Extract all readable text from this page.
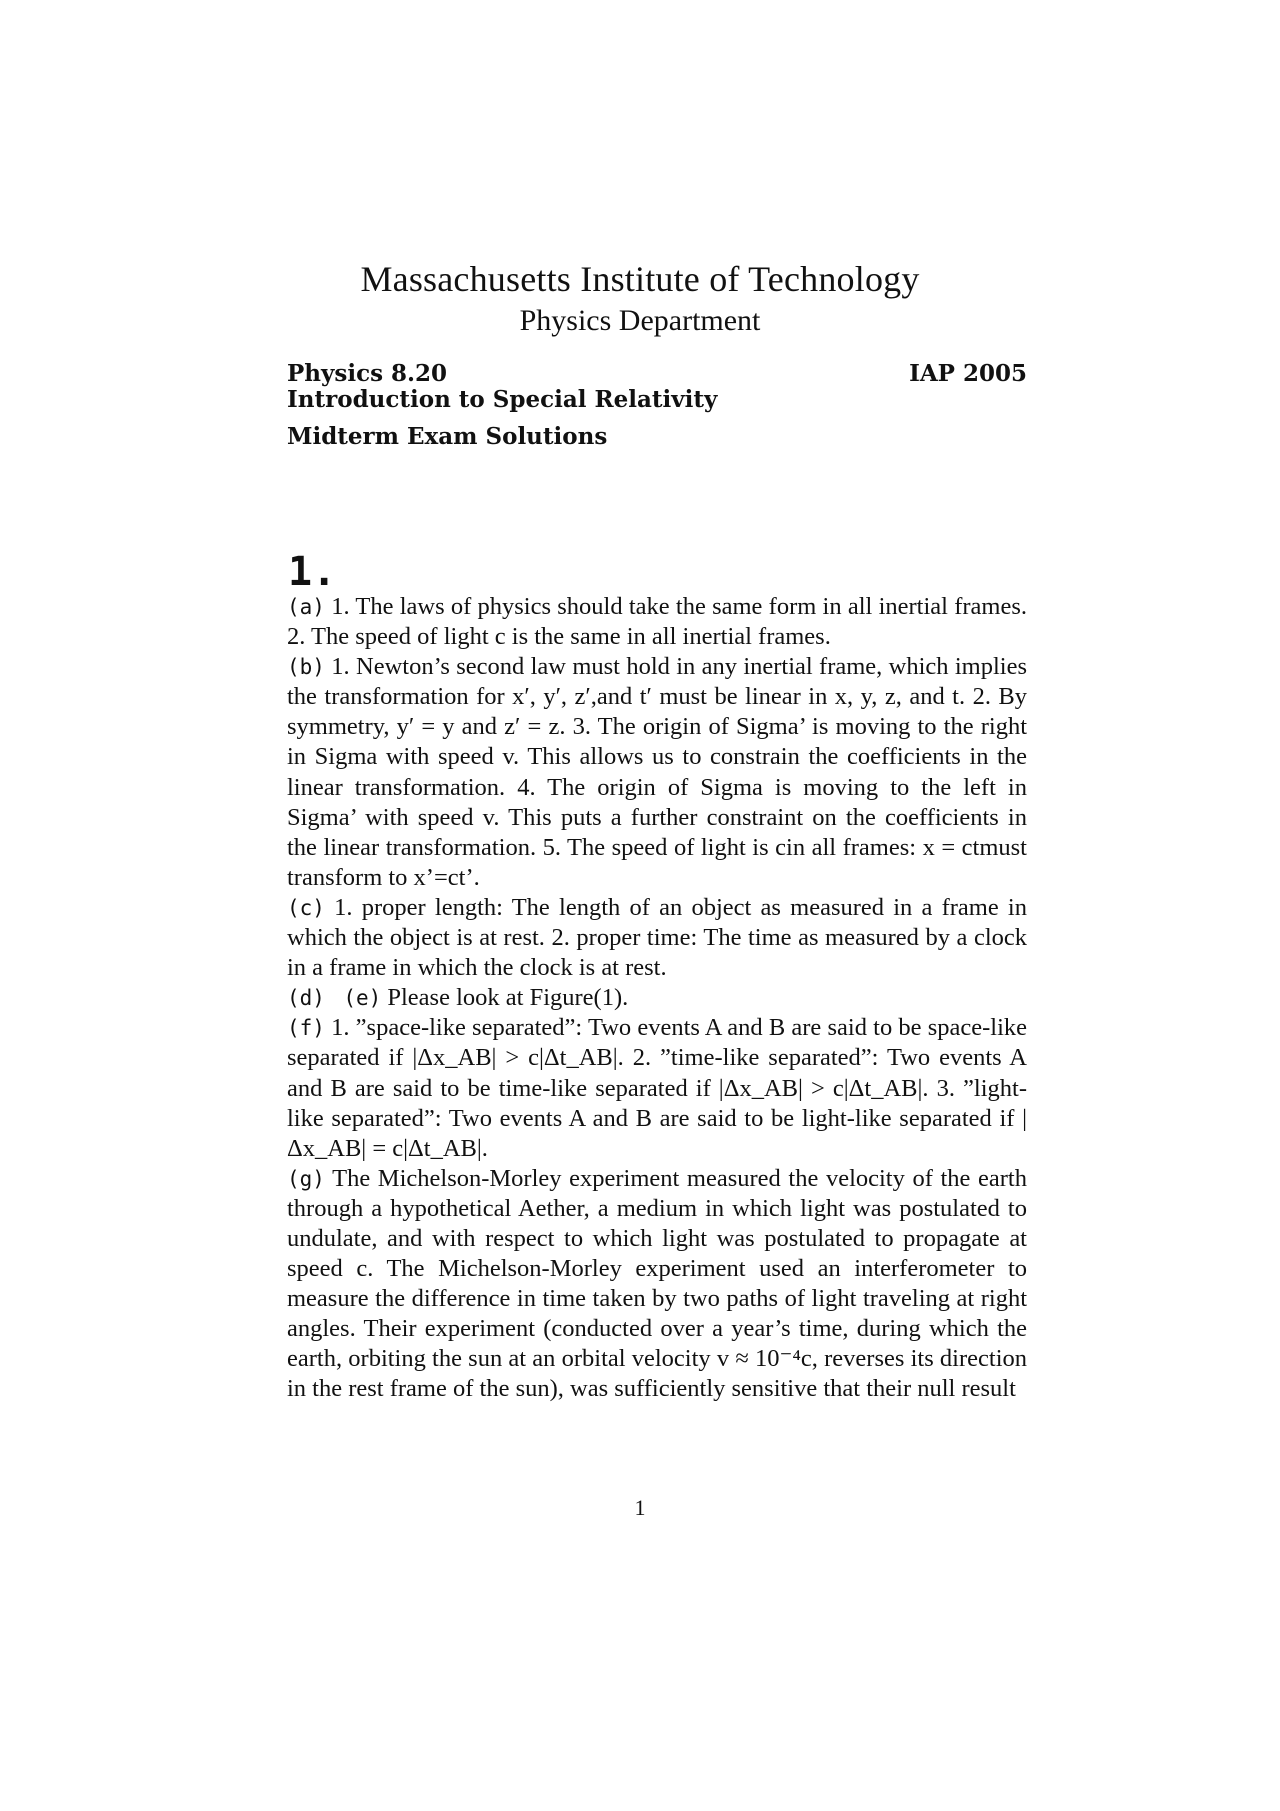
Massachusetts Institute of Technology
Physics Department
Physics 8.20	IAP 2005
Introduction to Special Relativity
Midterm Exam Solutions
1.

(a) 1. The laws of physics should take the same form in all inertial frames. 2. The speed of light c is the same in all inertial frames.

(b) 1. Newton’s second law must hold in any inertial frame, which implies the transformation for x′, y′, z′,and t′ must be linear in x, y, z, and t. 2. By symmetry, y′ = y and z′ = z. 3. The origin of Sigma’ is moving to the right in Sigma with speed v. This allows us to constrain the coefficients in the linear transformation. 4. The origin of Sigma is moving to the left in Sigma’ with speed v. This puts a further constraint on the coefficients in the linear transformation. 5. The speed of light is cin all frames: x = ctmust transform to x’=ct’.

(c) 1. proper length: The length of an object as measured in a frame in which the object is at rest. 2. proper time: The time as measured by a clock in a frame in which the clock is at rest.

(d) (e) Please look at Figure(1).

(f) 1. ”space-like separated”: Two events A and B are said to be space-like separated if |Δx_AB| > c|Δt_AB|. 2. ”time-like separated”: Two events A and B are said to be time-like separated if |Δx_AB| > c|Δt_AB|. 3. ”light-like separated”: Two events A and B are said to be light-like separated if |Δx_AB| = c|Δt_AB|.

(g) The Michelson-Morley experiment measured the velocity of the earth through a hypothetical Aether, a medium in which light was postulated to undulate, and with respect to which light was postulated to propagate at speed c. The Michelson-Morley experiment used an interferometer to measure the difference in time taken by two paths of light traveling at right angles. Their experiment (conducted over a year’s time, during which the earth, orbiting the sun at an orbital velocity v ≈ 10⁻⁴c, reverses its direction in the rest frame of the sun), was sufficiently sensitive that their null result

1
